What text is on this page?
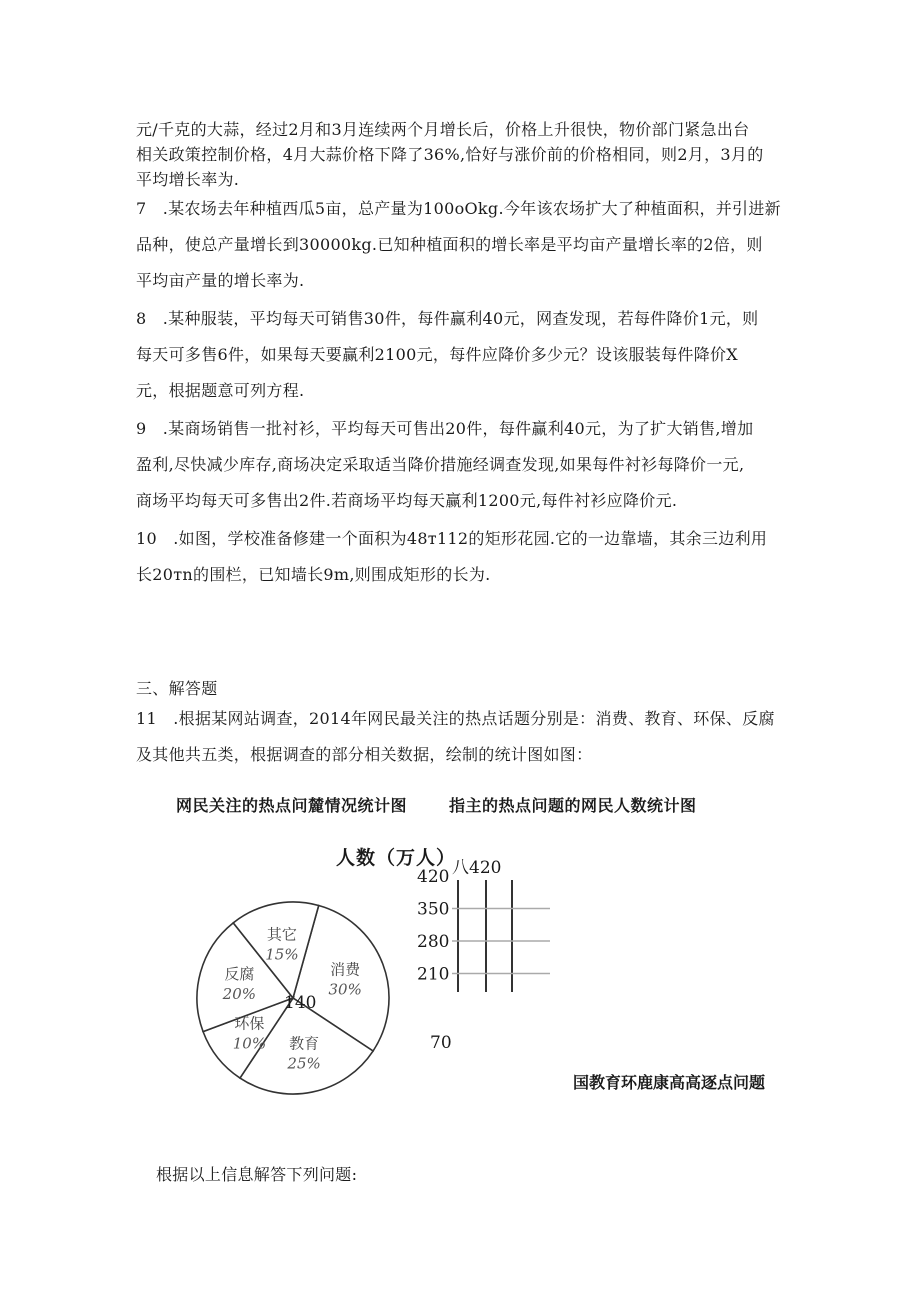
元/千克的大蒜，经过2月和3月连续两个月增长后，价格上升很快，物价部门紧急出台
相关政策控制价格，4月大蒜价格下降了36%,恰好与涨价前的价格相同，则2月，3月的
平均增长率为.
7　.某农场去年种植西瓜5亩，总产量为100oOkg.今年该农场扩大了种植面积，并引进新
品种，使总产量增长到30000kg.已知种植面积的增长率是平均亩产量增长率的2倍，则
平均亩产量的增长率为.
8　.某种服装，平均每天可销售30件，每件赢利40元，网查发现，若每件降价1元，则
每天可多售6件，如果每天要赢利2100元，每件应降价多少元？设该服装每件降价X
元，根据题意可列方程.
9　.某商场销售一批衬衫，平均每天可售出20件，每件赢利40元，为了扩大销售,增加
盈利,尽快减少库存,商场决定采取适当降价措施经调查发现,如果每件衬衫每降价一元,
商场平均每天可多售出2件.若商场平均每天赢利1200元,每件衬衫应降价元.
10　.如图，学校准备修建一个面积为48т112的矩形花园.它的一边靠墙，其余三边利用
长20тn的围栏，已知墙长9m,则围成矩形的长为.
三、解答题
11　.根据某网站调查，2014年网民最关注的热点话题分别是：消费、教育、环保、反腐
及其他共五类，根据调查的部分相关数据，绘制的统计图如图：
网民关注的热点问麓情况统计图	指主的热点问题的网民人数统计图
消费
30%
教育
25%
环保
10%
反腐
20%
其它
15%
140
人数（万人）
八420
420
350
280
210
70
国教育环鹿康高高逐点问题
根据以上信息解答下列问题:
